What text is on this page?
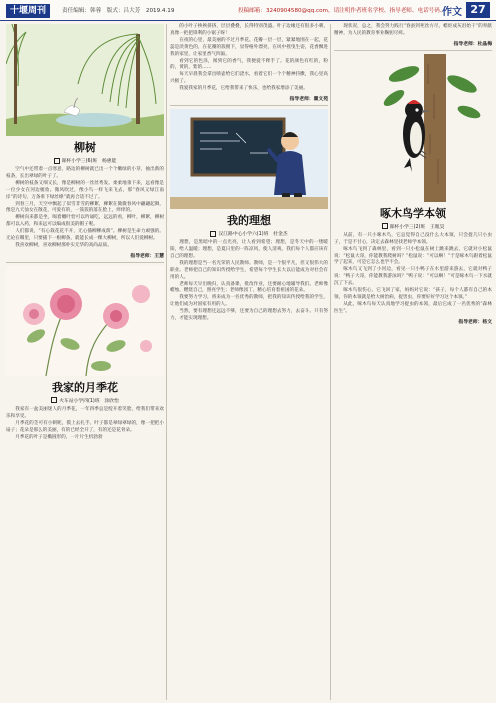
十堰周刊	责任编辑：韩蓉　版式：吕大芳　2019.4.19	投稿邮箱：3240904580@qq.com，请注明作者班名学校、指导老师、电话号码、
作文 27
柳树
郧杯小学三(6)班　杨惠能

空气中还带着一点寒意，路边的柳树就已出一个个嫩绿的小芽，抽出新的枝条，长出翠绿的叶子了。

柳树的枝条又细又长，像是柳树的一丝丝秀发。柔柔地垂下来，远看像是一位少女在河边梳妆。微风吹过，像小鸟一样飞来飞去，那“春风又绿江南岸”的诗句，万条垂下绿丝绦”就再合适不过了。

到春三月，天空中飘起了似雪非雪的柳絮，柳絮在微微春风中翩翩起舞，像是九天仙女在散花，可爱有的，一簇簇的落在脸上，痒痒的。

柳树向来都是坐，喝着嫩叶恰可以吟诵吃，远远的看，柳叶，柳絮，柳树都可以入药，和来远可以编成很美的帽子呢。

人们都说，“有心栽花花不开，无心插柳柳成荫”。柳树是生命力顽强的。无论在哪里，只要插下一根柳条，就能长成一棵大柳树，所以人们爱柳树。

我喜欢柳树，喜欢柳树那朴实无华的高尚品质。

指导老师：王慧
我家的月季花
火车站小学四(1)班　涂欣怡

我家有一盆美丽迷人的月季花，一年四季总是绽开着笑脸，给我们带来欢乐和享受。

月季花的茎可有小刺呢，摸上去扎手。叶子都是翠绿翠绿的，像一把把小扇子；花朵是那么的美丽，有的已经全开了，有的还是花骨朵。

月季花的叶子是椭圆形的，一片片生机勃勃

的小叶子挨挨挤挤，层层叠叠，长得特别茂盛。叶子边缘还有很多小刺，真像一把把锋利的小锯子呀！

在夜的心里，最美丽的不过月季花。花瓣一层一层，紧紧地围在一起，花蕊是淡黄色的，在花瓣的簇拥下，显得格外漂亮，在风中摇曳生姿，花香飘进我的家里，让家里香气四溢。

看到它的色泽，闻到它的香气，我便爱不释手了。花的颜色有红的，粉的，黄的，紫的……

每天早晨我会拿出喷壶给它们浇水，看着它们一个个精神抖擞，我心里高兴极了。

我爱我家的月季花，它给我带来了快乐，也给我家增添了美丽。

指导老师：瞿文苑
我的理想
汉江路中心小学六(1)班　杜金杰

理想，是黑暗中的一点光亮，让人看到希望；理想，是冬天中的一缕暖阳，给人温暖；理想，是夏日里的一阵凉风，使人清爽。我们每个人都应该有自己的理想。

我的理想是当一名光荣的人民教师。教师，是一个很平凡，但又很伟大的职业。老师把自己的知识传授给学生，希望每个学生长大以后能成为对社会有用的人。

老师每天早出晚归，认真备课，批改作业，还要耐心地辅导我们。老师像蜡烛，燃烧自己，照亮学生；老师像园丁，精心培育着祖国的花朵。

我要努力学习，将来成为一名优秀的教师，把我的知识传授给我的学生，让他们成为对国家有用的人。

当然，要有理想还远远不够，还要为自己的理想去努力，去奋斗。只有努力，才能实现理想。

现状况，总之，我会努力践行“春蚕到死丝方尽，蜡炬成灰泪始干”的奉献精神，为人民的教育事业鞠躬尽瘁。

指导老师：杜晶梅
啄木鸟学本领
郧杯小学三(2)班　王胤昊

从前，有一只小啄木鸟，它总觉得自己没什么大本领，只会捉几只小虫子，于是不甘心，决定去森林里找老师学本领。

啄木鸟飞到了森林里，看到一只小松鼠在树上跳来跳去，它就对小松鼠说：“松鼠大哥，你能教我爬树吗？”松鼠说：“可以啊！”于是啄木鸟跟着松鼠学了起来，可是它怎么也学不会。

啄木鸟又飞到了小河边，看见一只小鸭子在水里游来游去，它就对鸭子说：“鸭子大哥，你能教我游泳吗？”鸭子说：“可以啊！”可是啄木鸟一下水就沉了下去。

啄木鸟很伤心，它飞回了家，妈妈对它说：“孩子，每个人都有自己的本领，你的本领就是给大树治病，捉害虫，你要好好学习这个本领。”

从此，啄木鸟每天认真地学习捉虫的本领，最后它成了一名优秀的“森林医生”。

指导老师：杨文
